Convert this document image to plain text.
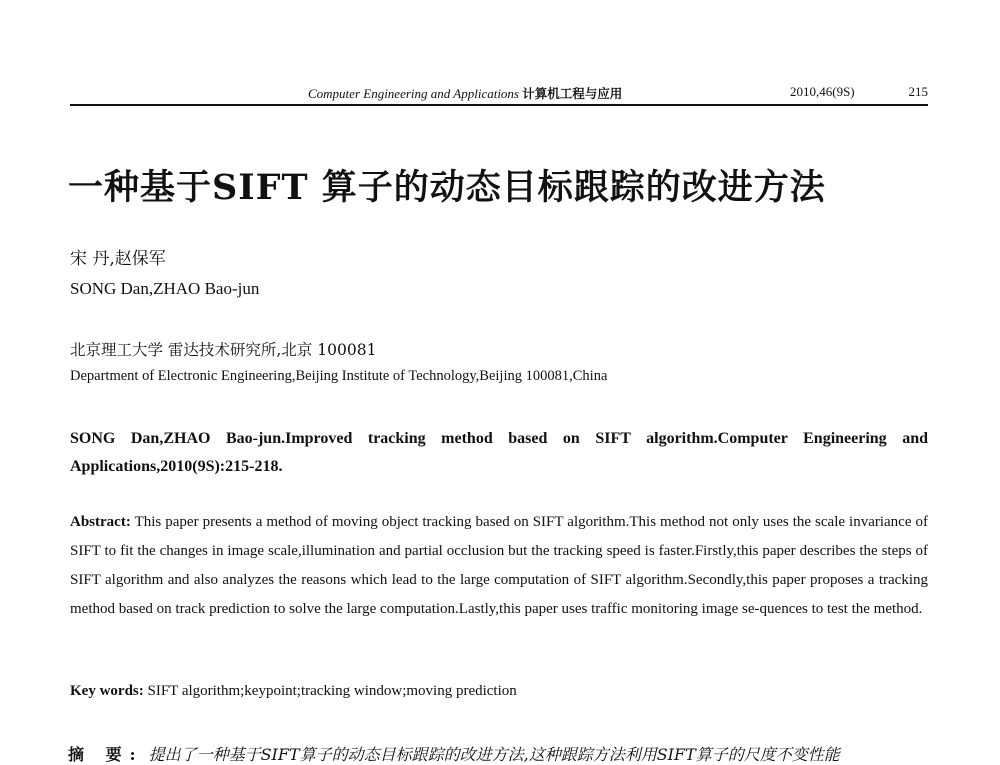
Computer Engineering and Applications 计算机工程与应用	2010,46(9S)	215
一种基于SIFT 算子的动态目标跟踪的改进方法
宋 丹,赵保军
SONG Dan,ZHAO Bao-jun
北京理工大学 雷达技术研究所,北京 100081
Department of Electronic Engineering,Beijing Institute of Technology,Beijing 100081,China
SONG Dan,ZHAO Bao-jun.Improved tracking method based on SIFT algorithm.Computer Engineering and Applications,2010(9S):215-218.
Abstract: This paper presents a method of moving object tracking based on SIFT algorithm.This method not only uses the scale invariance of SIFT to fit the changes in image scale,illumination and partial occlusion but the tracking speed is faster.Firstly,this paper describes the steps of SIFT algorithm and also analyzes the reasons which lead to the large computation of SIFT algorithm.Secondly,this paper proposes a tracking method based on track prediction to solve the large computation.Lastly,this paper uses traffic monitoring image se-quences to test the method.
Key words: SIFT algorithm;keypoint;tracking window;moving prediction
摘 要: 提出了一种基于SIFT算子的动态目标跟踪的改进方法,这种跟踪方法利用SIFT算子的尺度不变性能
